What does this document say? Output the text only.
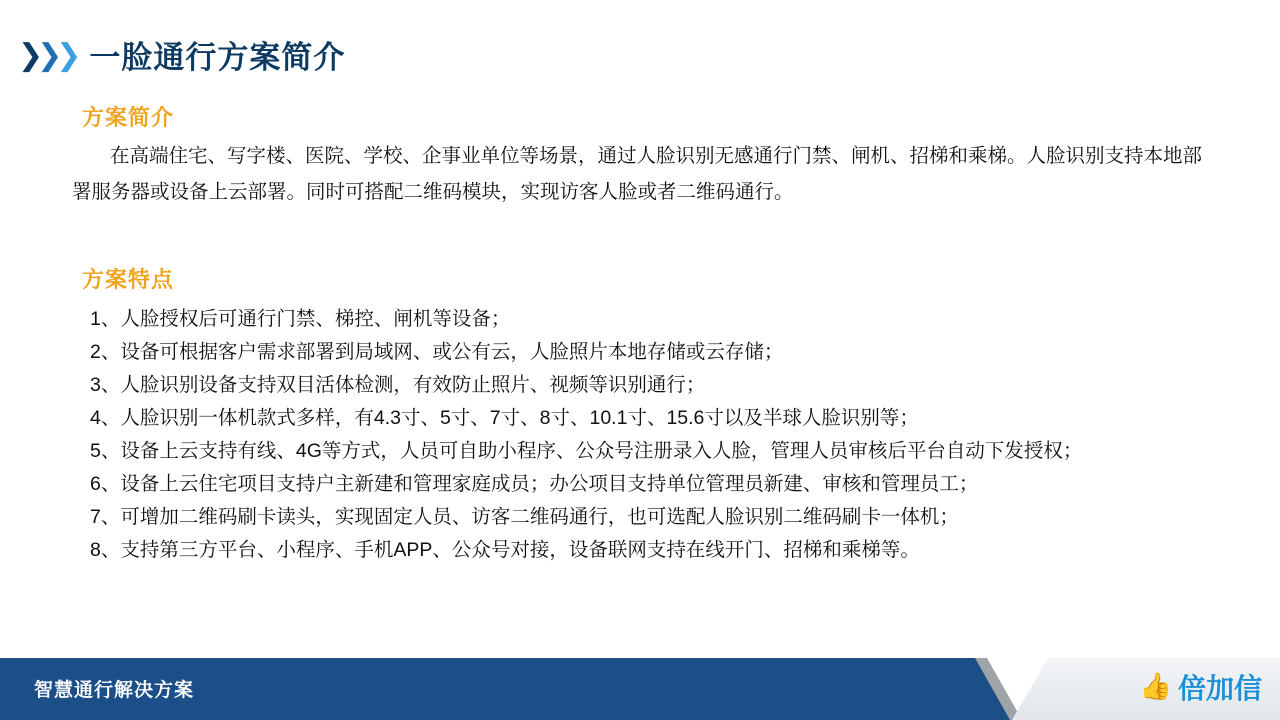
❯ ❯ ❯ 一脸通行方案简介
方案简介

在高端住宅、写字楼、医院、学校、企事业单位等场景，通过人脸识别无感通行门禁、闸机、招梯和乘梯。人脸识别支持本地部署服务器或设备上云部署。同时可搭配二维码模块，实现访客人脸或者二维码通行。

方案特点
1、人脸授权后可通行门禁、梯控、闸机等设备；
2、设备可根据客户需求部署到局域网、或公有云，人脸照片本地存储或云存储；
3、人脸识别设备支持双目活体检测，有效防止照片、视频等识别通行；
4、人脸识别一体机款式多样，有4.3寸、5寸、7寸、8寸、10.1寸、15.6寸以及半球人脸识别等；
5、设备上云支持有线、4G等方式，人员可自助小程序、公众号注册录入人脸，管理人员审核后平台自动下发授权；
6、设备上云住宅项目支持户主新建和管理家庭成员；办公项目支持单位管理员新建、审核和管理员工；
7、可增加二维码刷卡读头，实现固定人员、访客二维码通行，也可选配人脸识别二维码刷卡一体机；
8、支持第三方平台、小程序、手机APP、公众号对接，设备联网支持在线开门、招梯和乘梯等。
智慧通行解决方案	👍 倍加信
